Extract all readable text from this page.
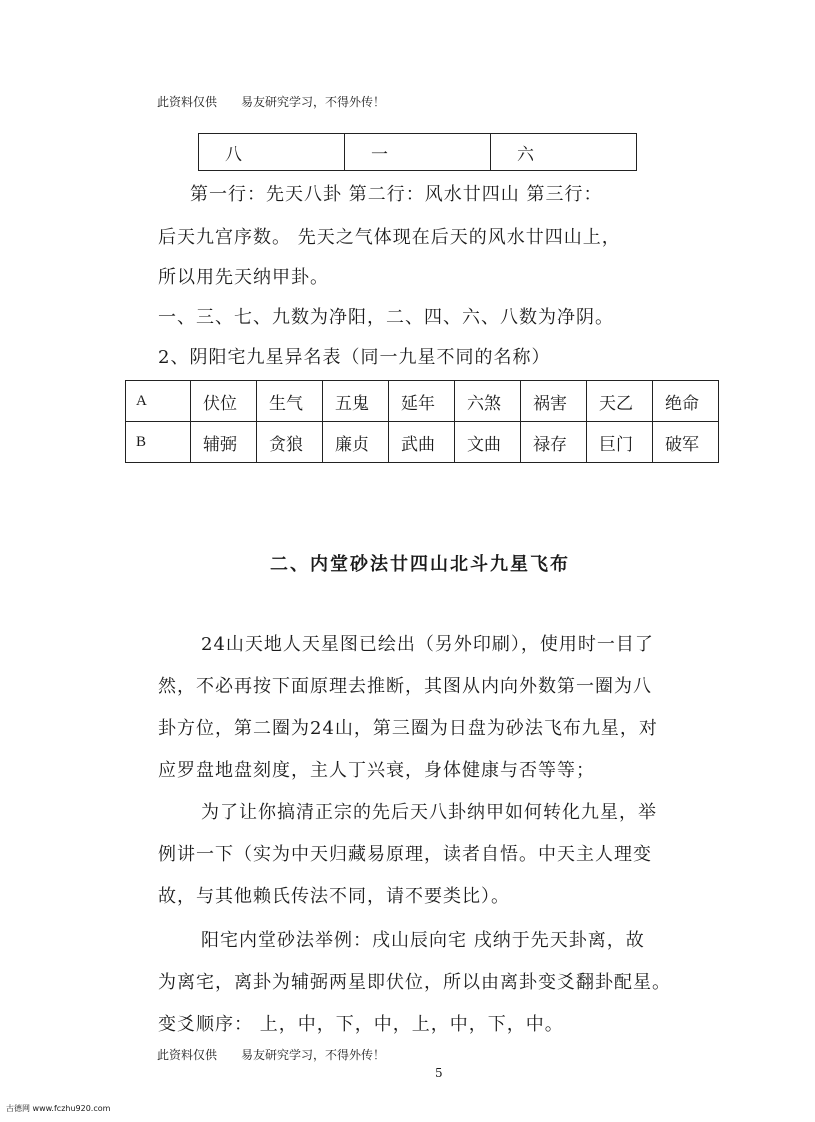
此资料仅供 易友研究学习，不得外传！
八	一	六
第一行：先天八卦 第二行：风水廿四山 第三行：
后天九宫序数。 先天之气体现在后天的风水廿四山上，
所以用先天纳甲卦。
一、三、七、九数为净阳，二、四、六、八数为净阴。
2、阴阳宅九星异名表（同一九星不同的名称）
A	伏位	生气	五鬼	延年	六煞	祸害	天乙	绝命
B	辅弼	贪狼	廉贞	武曲	文曲	禄存	巨门	破军
二、内堂砂法廿四山北斗九星飞布
24山天地人天星图已绘出（另外印刷），使用时一目了
然，不必再按下面原理去推断，其图从内向外数第一圈为八
卦方位，第二圈为24山，第三圈为日盘为砂法飞布九星，对
应罗盘地盘刻度，主人丁兴衰，身体健康与否等等；
为了让你搞清正宗的先后天八卦纳甲如何转化九星，举
例讲一下（实为中天归藏易原理，读者自悟。中天主人理变
故，与其他赖氏传法不同，请不要类比）。
阳宅内堂砂法举例：戌山辰向宅 戌纳于先天卦离，故
为离宅，离卦为辅弼两星即伏位，所以由离卦变爻翻卦配星。
变爻顺序： 上，中，下，中，上，中，下，中。
此资料仅供 易友研究学习，不得外传！
5
古德网 www.fczhu920.com
